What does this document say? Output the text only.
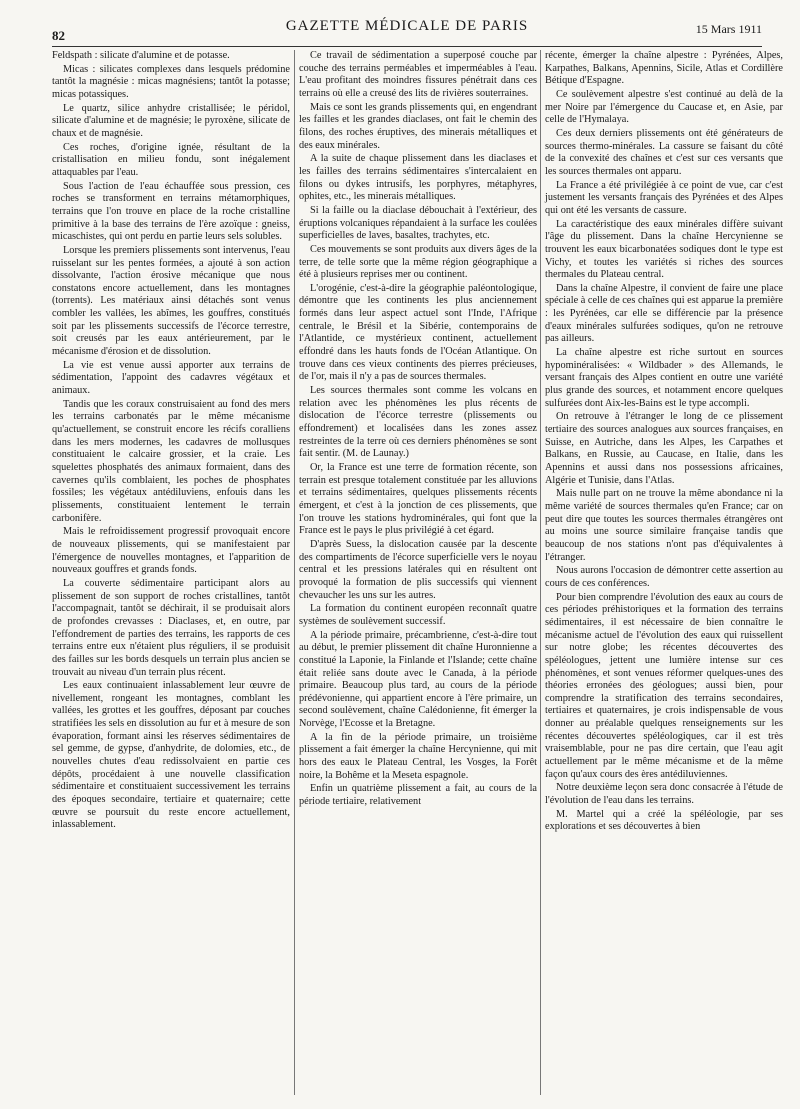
82
GAZETTE MÉDICALE DE PARIS	15 Mars 1911

Feldspath : silicate d'alumine et de potasse.

Micas : silicates complexes dans lesquels prédomine tantôt la magnésie : micas magnésiens; tantôt la potasse; micas potassiques.

Le quartz, silice anhydre cristallisée; le péridol, silicate d'alumine et de magnésie; le pyroxène, silicate de chaux et de magnésie.

Ces roches, d'origine ignée, résultant de la cristallisation en milieu fondu, sont inégalement attaquables par l'eau.

Sous l'action de l'eau échauffée sous pression, ces roches se transforment en terrains métamorphiques, terrains que l'on trouve en place de la roche cristalline primitive à la base des terrains de l'ère azoïque : gneiss, micaschistes, qui ont perdu en partie leurs sels solubles.

Lorsque les premiers plissements sont intervenus, l'eau ruisselant sur les pentes formées, a ajouté à son action dissolvante, l'action érosive mécanique que nous constatons encore actuellement, dans les montagnes (torrents). Les matériaux ainsi détachés sont venus combler les vallées, les abîmes, les gouffres, constitués soit par les plissements successifs de l'écorce terrestre, soit creusés par les eaux antérieurement, par le mécanisme d'érosion et de dissolution.

La vie est venue aussi apporter aux terrains de sédimentation, l'appoint des cadavres végétaux et animaux.

Tandis que les coraux construisaient au fond des mers les terrains carbonatés par le même mécanisme qu'actuellement, se construit encore les récifs coralliens dans les mers modernes, les cadavres de mollusques constituaient le calcaire grossier, et la craie. Les squelettes phosphatés des animaux formaient, dans des cavernes qu'ils comblaient, les poches de phosphates fossiles; les végétaux antédiluviens, enfouis dans les plissements, constituaient lentement le terrain carbonifère.

Mais le refroidissement progressif provoquait encore de nouveaux plissements, qui se manifestaient par l'émergence de nouvelles montagnes, et l'apparition de nouveaux gouffres et grands fonds.

La couverte sédimentaire participant alors au plissement de son support de roches cristallines, tantôt l'accompagnait, tantôt se déchirait, il se produisait alors de profondes crevasses : Diaclases, et, en outre, par l'effondrement de parties des terrains, les rapports de ces terrains entre eux n'étaient plus réguliers, il se produisit des failles sur les bords desquels un terrain plus ancien se trouvait au niveau d'un terrain plus récent.

Les eaux continuaient inlassablement leur œuvre de nivellement, rongeant les montagnes, comblant les vallées, les grottes et les gouffres, déposant par couches stratifiées les sels en dissolution au fur et à mesure de son évaporation, formant ainsi les réserves sédimentaires de sel gemme, de gypse, d'anhydrite, de dolomies, etc., de nouvelles chutes d'eau redissolvaient en partie ces dépôts, procédaient à une nouvelle classification sédimentaire et constituaient successivement les terrains des époques secondaire, tertiaire et quaternaire; cette œuvre se poursuit du reste encore actuellement, inlassablement.

Ce travail de sédimentation a superposé couche par couche des terrains perméables et imperméables à l'eau. L'eau profitant des moindres fissures pénétrait dans ces terrains où elle a creusé des lits de rivières souterraines.

Mais ce sont les grands plissements qui, en engendrant les failles et les grandes diaclases, ont fait le chemin des filons, des roches éruptives, des minerais métalliques et des eaux minérales.

A la suite de chaque plissement dans les diaclases et les failles des terrains sédimentaires s'intercalaient en filons ou dykes intrusifs, les porphyres, métaphyres, ophites, etc., les minerais métalliques.

Si la faille ou la diaclase débouchait à l'extérieur, des éruptions volcaniques répandaient à la surface les coulées superficielles de laves, basaltes, trachytes, etc.

Ces mouvements se sont produits aux divers âges de la terre, de telle sorte que la même région géographique a été à plusieurs reprises mer ou continent.

L'orogénie, c'est-à-dire la géographie paléontologique, démontre que les continents les plus anciennement formés dans leur aspect actuel sont l'Inde, l'Afrique centrale, le Brésil et la Sibérie, contemporains de l'Atlantide, ce mystérieux continent, actuellement effondré dans les hauts fonds de l'Océan Atlantique. On trouve dans ces vieux continents des pierres précieuses, de l'or, mais il n'y a pas de sources thermales.

Les sources thermales sont comme les volcans en relation avec les phénomènes les plus récents de dislocation de l'écorce terrestre (plissements ou effondrement) et localisées dans les zones assez restreintes de la terre où ces derniers phénomènes se sont fait sentir. (M. de Launay.)

Or, la France est une terre de formation récente, son terrain est presque totalement constituée par les alluvions et terrains sédimentaires, quelques plissements récents émergent, et c'est à la jonction de ces plissements, que l'on trouve les stations hydrominérales, qui font que la France est le pays le plus privilégié à cet égard.

D'après Suess, la dislocation causée par la descente des compartiments de l'écorce superficielle vers le noyau central et les pressions latérales qui en résultent ont provoqué la formation de plis successifs qui viennent chevaucher les uns sur les autres.

La formation du continent européen reconnaît quatre systèmes de soulèvement successif.

A la période primaire, précambrienne, c'est-à-dire tout au début, le premier plissement dit chaîne Huronnienne a constitué la Laponie, la Finlande et l'Islande; cette chaîne était reliée sans doute avec le Canada, à la période primaire. Beaucoup plus tard, au cours de la période prédévonienne, qui appartient encore à l'ère primaire, un second soulèvement, chaîne Calédonienne, fit émerger la Norvège, l'Ecosse et la Bretagne.

A la fin de la période primaire, un troisième plissement a fait émerger la chaîne Hercynienne, qui mit hors des eaux le Plateau Central, les Vosges, la Forêt noire, la Bohême et la Meseta espagnole.

Enfin un quatrième plissement a fait, au cours de la période tertiaire, relativement

récente, émerger la chaîne alpestre : Pyrénées, Alpes, Karpathes, Balkans, Apennins, Sicile, Atlas et Cordillère Bétique d'Espagne.

Ce soulèvement alpestre s'est continué au delà de la mer Noire par l'émergence du Caucase et, en Asie, par celle de l'Hymalaya.

Ces deux derniers plissements ont été générateurs de sources thermo-minérales. La cassure se faisant du côté de la convexité des chaînes et c'est sur ces versants que les sources thermales ont apparu.

La France a été privilégiée à ce point de vue, car c'est justement les versants français des Pyrénées et des Alpes qui ont été les versants de cassure.

La caractéristique des eaux minérales diffère suivant l'âge du plissement. Dans la chaîne Hercynienne se trouvent les eaux bicarbonatées sodiques dont le type est Vichy, et toutes les variétés si riches des sources thermales du Plateau central.

Dans la chaîne Alpestre, il convient de faire une place spéciale à celle de ces chaînes qui est apparue la première : les Pyrénées, car elle se différencie par la présence d'eaux minérales sulfurées sodiques, qu'on ne retrouve pas ailleurs.

La chaîne alpestre est riche surtout en sources hypominéralisées: « Wildbader » des Allemands, le versant français des Alpes contient en outre une variété plus grande des sources, et notamment encore quelques sulfurées dont Aix-les-Bains est le type accompli.

On retrouve à l'étranger le long de ce plissement tertiaire des sources analogues aux sources françaises, en Suisse, en Autriche, dans les Alpes, les Carpathes et Balkans, en Russie, au Caucase, en Italie, dans les Apennins et aussi dans nos possessions africaines, Algérie et Tunisie, dans l'Atlas.

Mais nulle part on ne trouve la même abondance ni la même variété de sources thermales qu'en France; car on peut dire que toutes les sources thermales étrangères ont au moins une source similaire française tandis que beaucoup de nos stations n'ont pas d'équivalentes à l'étranger.

Nous aurons l'occasion de démontrer cette assertion au cours de ces conférences.

Pour bien comprendre l'évolution des eaux au cours de ces périodes préhistoriques et la formation des terrains sédimentaires, il est nécessaire de bien connaître le mécanisme actuel de l'évolution des eaux qui ruissellent sur notre globe; les récentes découvertes des spéléologues, jettent une lumière intense sur ces phénomènes, et sont venues réformer quelques-unes des théories erronées des géologues; aussi bien, pour comprendre la stratification des terrains secondaires, tertiaires et quaternaires, je crois indispensable de vous donner au préalable quelques renseignements sur les récentes découvertes spéléologiques, car il est très vraisemblable, pour ne pas dire certain, que l'eau agit actuellement par le même mécanisme et de la même façon qu'aux cours des ères antédiluviennes.

Notre deuxième leçon sera donc consacrée à l'étude de l'évolution de l'eau dans les terrains.

M. Martel qui a créé la spéléologie, par ses explorations et ses découvertes à bien
